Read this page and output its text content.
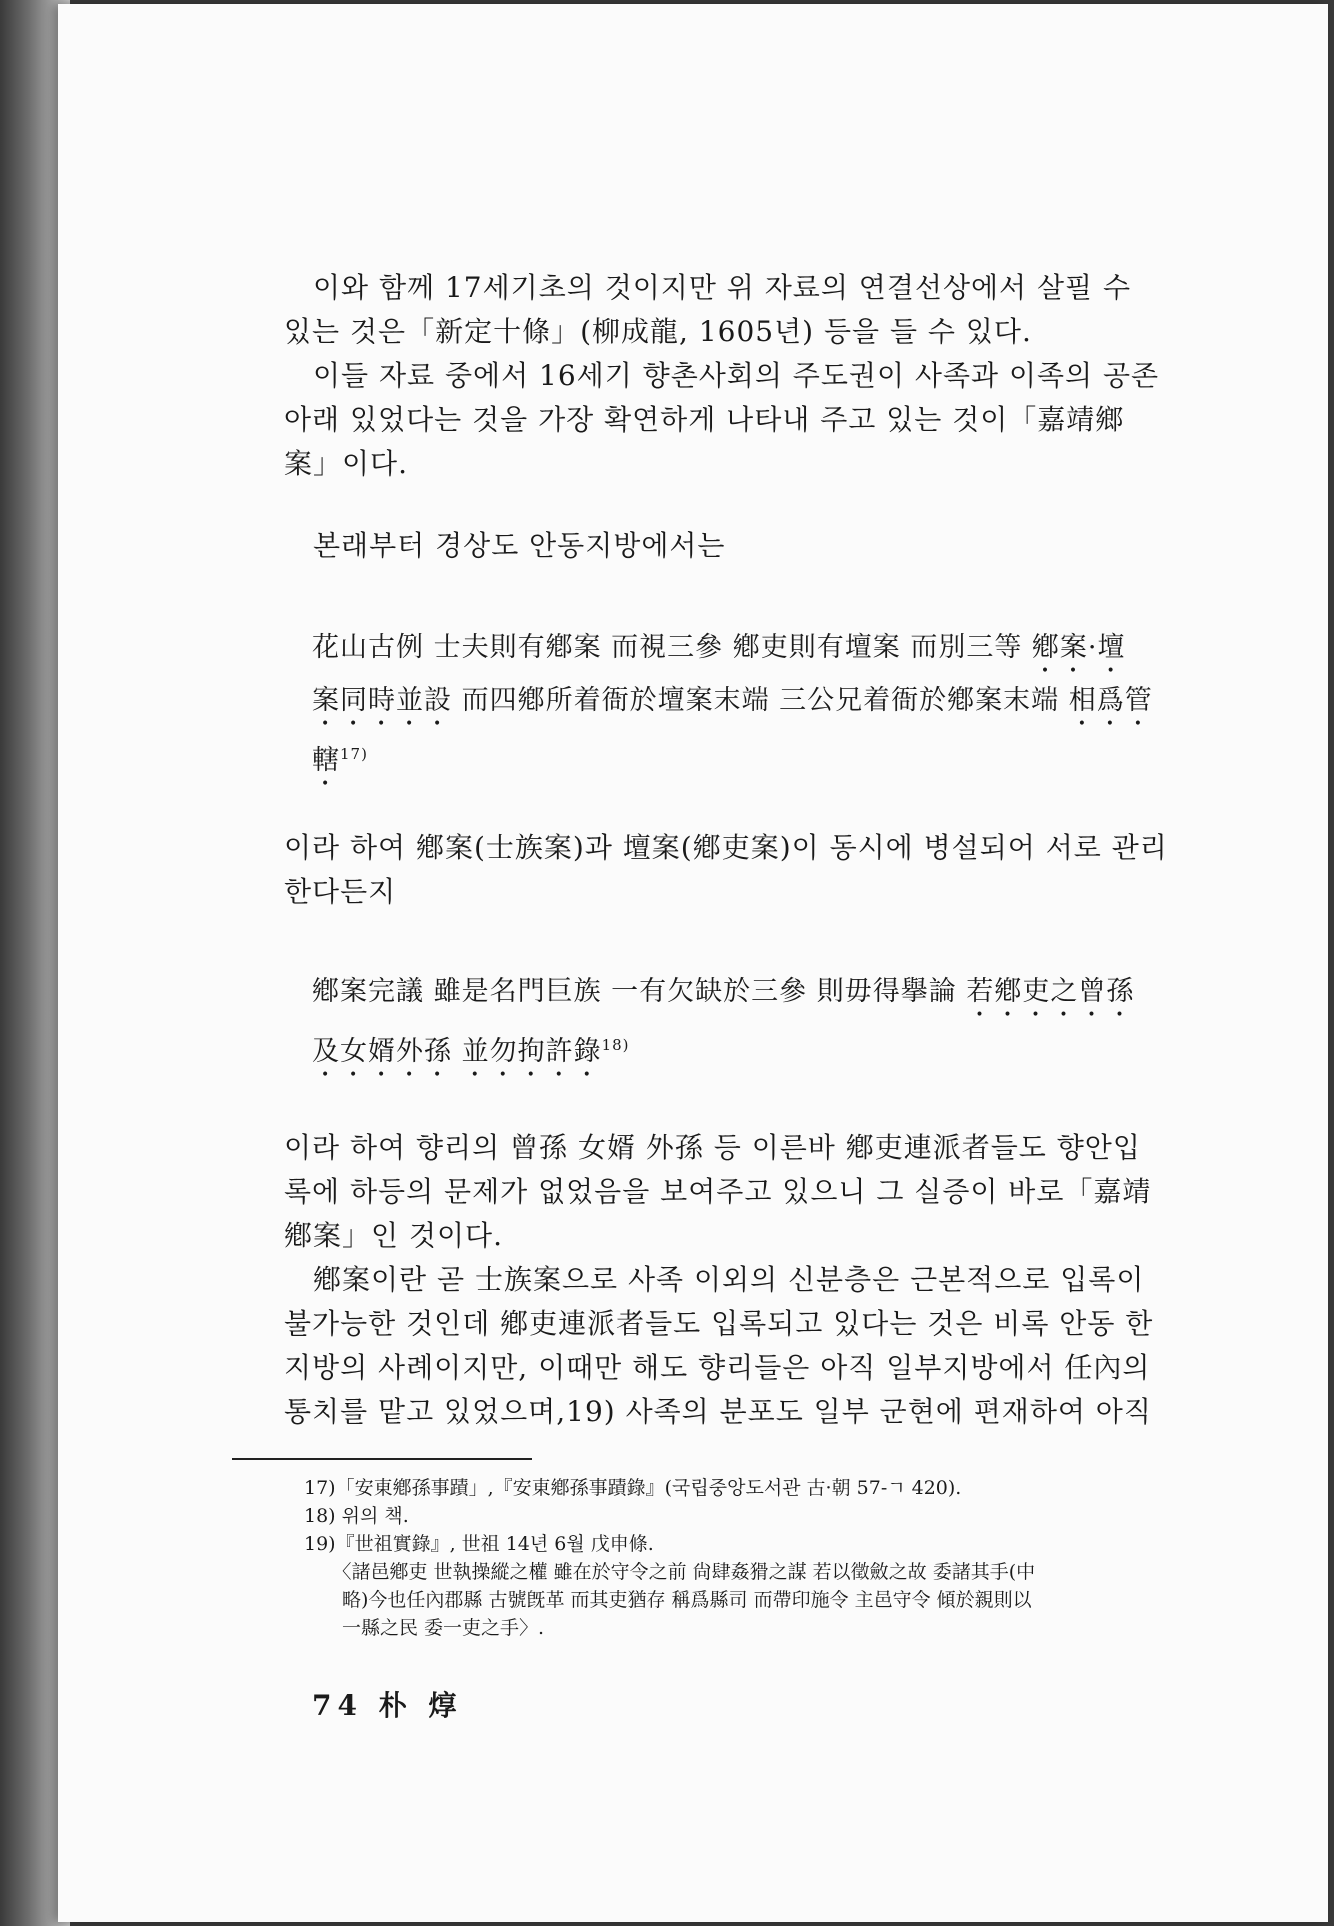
　이와 함께 17세기초의 것이지만 위 자료의 연결선상에서 살필 수
있는 것은「新定十條」(柳成龍, 1605년) 등을 들 수 있다.
　이들 자료 중에서 16세기 향촌사회의 주도권이 사족과 이족의 공존
아래 있었다는 것을 가장 확연하게 나타내 주고 있는 것이「嘉靖鄉
案」이다.
　본래부터 경상도 안동지방에서는
花山古例 士夫則有鄕案 而視三參 鄕吏則有壇案 而別三等 鄕案·壇
案同時並設 而四鄕所着衙於壇案末端 三公兄着衙於鄕案末端 相爲管
轄$^{17)}$
이라 하여 鄕案(士族案)과 壇案(鄕吏案)이 동시에 병설되어 서로 관리
한다든지
鄕案完議 雖是名門巨族 一有欠缺於三參 則毋得擧論 若鄕吏之曾孫
及女婿外孫 並勿拘許錄$^{18)}$
이라 하여 향리의 曾孫 女婿 外孫 등 이른바 鄕吏連派者들도 향안입
록에 하등의 문제가 없었음을 보여주고 있으니 그 실증이 바로「嘉靖
鄕案」인 것이다.
　鄕案이란 곧 士族案으로 사족 이외의 신분층은 근본적으로 입록이
불가능한 것인데 鄕吏連派者들도 입록되고 있다는 것은 비록 안동 한
지방의 사례이지만, 이때만 해도 향리들은 아직 일부지방에서 任內의
통치를 맡고 있었으며,19) 사족의 분포도 일부 군현에 편재하여 아직
17)「安東鄕孫事蹟」,『安東鄕孫事蹟錄』(국립중앙도서관 古·朝 57-ㄱ 420).
18) 위의 책.
19)『世祖實錄』, 世祖 14년 6월 戊申條.
　　〈諸邑鄕吏 世執操縱之權 雖在於守令之前 尙肆姦猾之謀 若以徵斂之故 委諸其手(中
　　略)今也任內郡縣 古號旣革 而其吏猶存 稱爲縣司 而帶印施令 主邑守令 傾於親則以
　　一縣之民 委一吏之手〉.
74 朴 焞
